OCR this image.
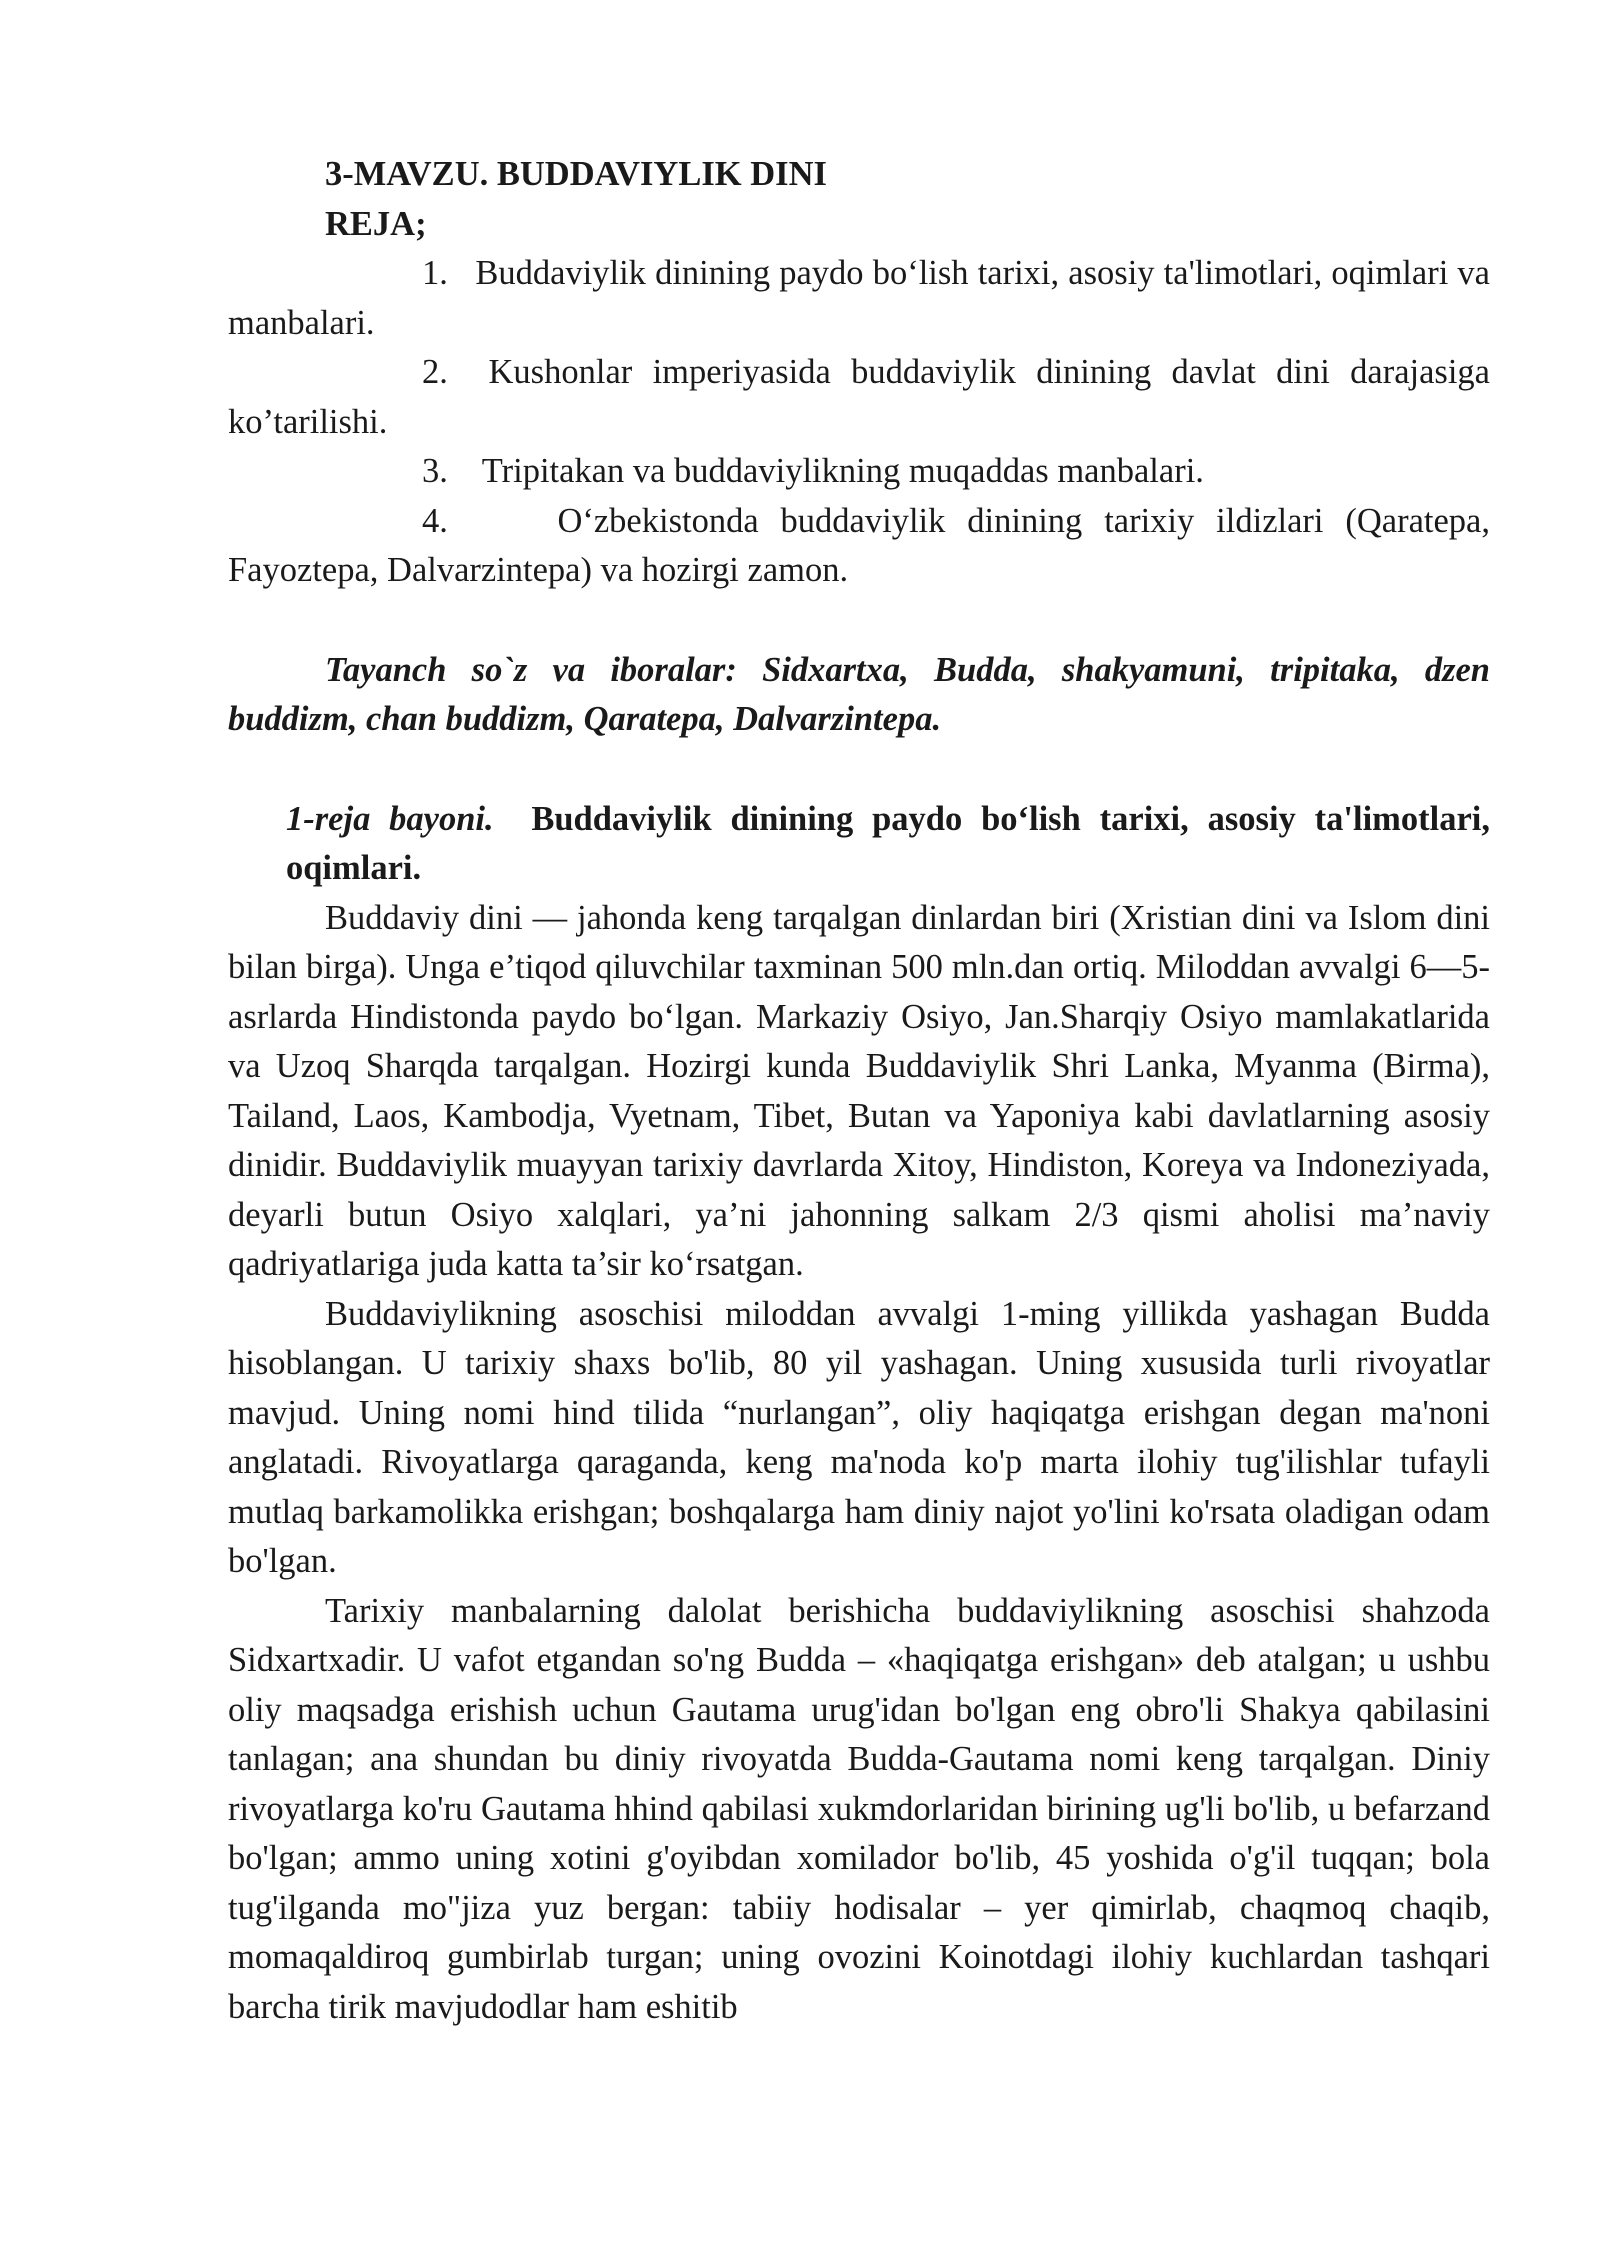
3-MAVZU. BUDDAVIYLIK DINI

REJA;

1. Buddaviylik dinining paydo bo‘lish tarixi, asosiy ta'limotlari, oqimlari va manbalari.

2. Kushonlar imperiyasida buddaviylik dinining davlat dini darajasiga ko’tarilishi.

3. Tripitakan va buddaviylikning muqaddas manbalari.

4.	O‘zbekistonda buddaviylik dinining tarixiy ildizlari (Qaratepa, Fayoztepa, Dalvarzintepa) va hozirgi zamon.

Tayanch so`z va iboralar: Sidxartxa, Budda, shakyamuni, tripitaka, dzen buddizm, chan buddizm, Qaratepa, Dalvarzintepa.

1-reja bayoni. Buddaviylik dinining paydo bo‘lish tarixi, asosiy ta'limotlari, oqimlari.

Buddaviy dini — jahonda keng tarqalgan dinlardan biri (Xristian dini va Islom dini bilan birga). Unga e’tiqod qiluvchilar taxminan 500 mln.dan ortiq. Miloddan avvalgi 6—5-asrlarda Hindistonda paydo bo‘lgan. Markaziy Osiyo, Jan.Sharqiy Osiyo mamlakatlarida va Uzoq Sharqda tarqalgan. Hozirgi kunda Buddaviylik Shri Lanka, Myanma (Birma), Tailand, Laos, Kambodja, Vyetnam, Tibet, Butan va Yaponiya kabi davlatlarning asosiy dinidir. Buddaviylik muayyan tarixiy davrlarda Xitoy, Hindiston, Koreya va Indoneziyada, deyarli butun Osiyo xalqlari, ya’ni jahonning salkam 2/3 qismi aholisi ma’naviy qadriyatlariga juda katta ta’sir ko‘rsatgan.

Buddaviylikning asoschisi miloddan avvalgi 1-ming yillikda yashagan Budda hisoblangan. U tarixiy shaxs bo'lib, 80 yil yashagan. Uning xususida turli rivoyatlar mavjud. Uning nomi hind tilida “nurlangan”, oliy haqiqatga erishgan degan ma'noni anglatadi. Rivoyatlarga qaraganda, keng ma'noda ko'p marta ilohiy tug'ilishlar tufayli mutlaq barkamolikka erishgan; boshqalarga ham diniy najot yo'lini ko'rsata oladigan odam bo'lgan.

Tarixiy manbalarning dalolat berishicha buddaviylikning asoschisi shahzoda Sidxartxadir. U vafot etgandan so'ng Budda – «haqiqatga erishgan» deb atalgan; u ushbu oliy maqsadga erishish uchun Gautama urug'idan bo'lgan eng obro'li Shakya qabilasini tanlagan; ana shundan bu diniy rivoyatda Budda-Gautama nomi keng tarqalgan. Diniy rivoyatlarga ko'ru Gautama hhind qabilasi xukmdorlaridan birining ug'li bo'lib, u befarzand bo'lgan; ammo uning xotini g'oyibdan xomilador bo'lib, 45 yoshida o'g'il tuqqan; bola tug'ilganda mo"jiza yuz bergan: tabiiy hodisalar – yer qimirlab, chaqmoq chaqib, momaqaldiroq gumbirlab turgan; uning ovozini Koinotdagi ilohiy kuchlardan tashqari barcha tirik mavjudodlar ham eshitib
